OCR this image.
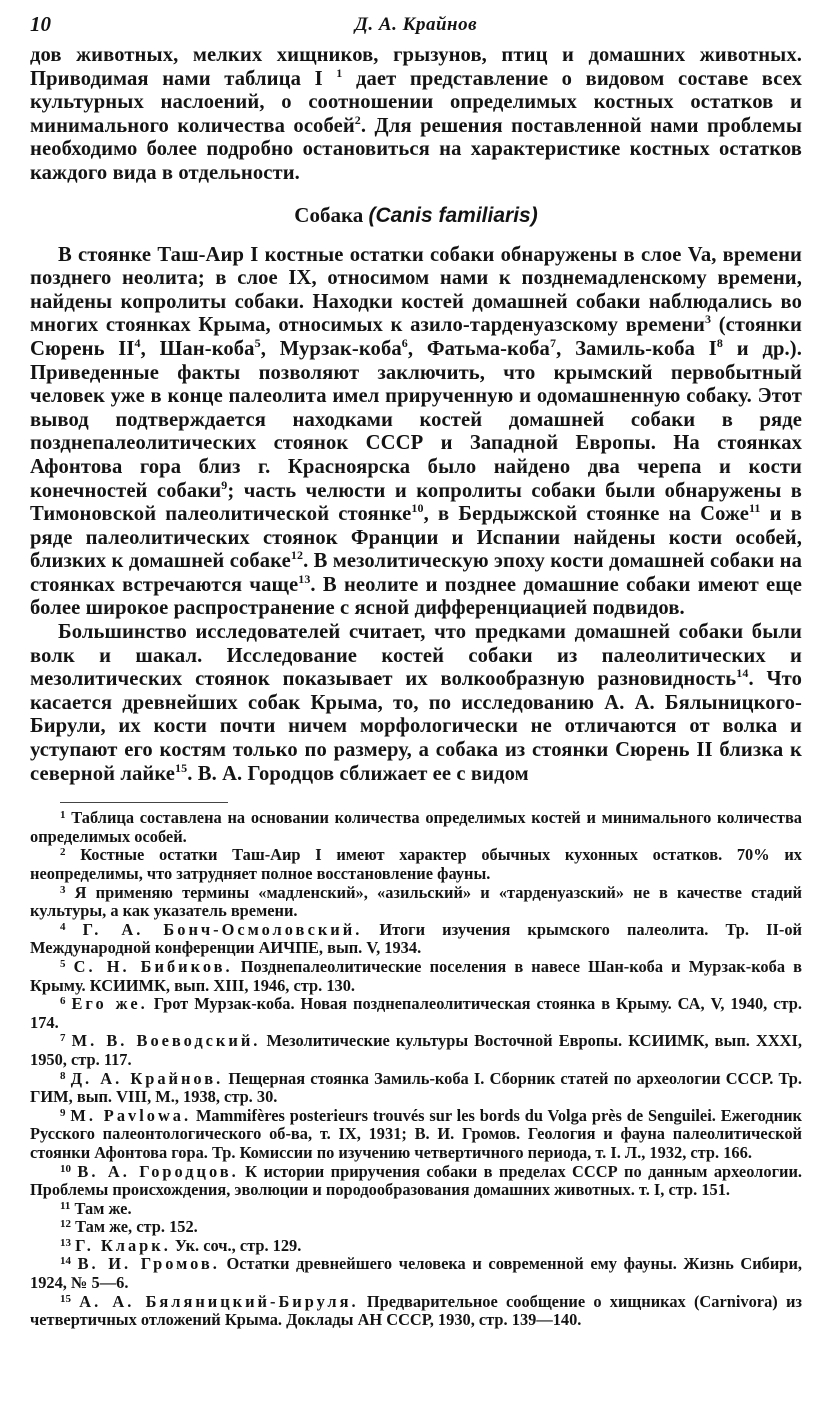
10	Д. А. Крайнов

дов животных, мелких хищников, грызунов, птиц и домашних животных. Приводимая нами таблица I $^1$ дает представление о видовом составе всех культурных наслоений, о соотношении определимых костных остатков и минимального количества особей$^2$. Для решения поставленной нами проблемы необходимо более подробно остановиться на характеристике костных остатков каждого вида в отдельности.

Собака (Canis familiaris)

В стоянке Таш-Аир I костные остатки собаки обнаружены в слое Va, времени позднего неолита; в слое IX, относимом нами к позднемадленскому времени, найдены копролиты собаки. Находки костей домашней собаки наблюдались во многих стоянках Крыма, относимых к азило-тарденуазскому времени$^3$ (стоянки Сюрень $II^4$, Шан-коба$^5$, Мурзак-коба$^6$, Фатьма-коба$^7$, Замиль-коба $I^8$ и др.). Приведенные факты позволяют заключить, что крымский первобытный человек уже в конце палеолита имел прирученную и одомашненную собаку. Этот вывод подтверждается находками костей домашней собаки в ряде позднепалеолитических стоянок СССР и Западной Европы. На стоянках Афонтова гора близ г. Красноярска было найдено два черепа и кости конечностей собаки$^9$; часть челюсти и копролиты собаки были обнаружены в Тимоновской палеолитической стоянке$^{10}$, в Бердыжской стоянке на Соже$^{11}$ и в ряде палеолитических стоянок Франции и Испании найдены кости особей, близких к домашней собаке$^{12}$. В мезолитическую эпоху кости домашней собаки на стоянках встречаются чаще$^{13}$. В неолите и позднее домашние собаки имеют еще более широкое распространение с ясной дифференциацией подвидов.

Большинство исследователей считает, что предками домашней собаки были волк и шакал. Исследование костей собаки из палеолитических и мезолитических стоянок показывает их волкообразную разновидность$^{14}$. Что касается древнейших собак Крыма, то, по исследованию А. А. Бялыницкого-Бирули, их кости почти ничем морфологически не отличаются от волка и уступают его костям только по размеру, а собака из стоянки Сюрень II близка к северной лайке$^{15}$. В. А. Городцов сближает ее с видом

$^1$ Таблица составлена на основании количества определимых костей и минимального количества определимых особей.

$^2$ Костные остатки Таш-Аир I имеют характер обычных кухонных остатков. 70% их неопределимы, что затрудняет полное восстановление фауны.

$^3$ Я применяю термины «мадленский», «азильский» и «тарденуазский» не в качестве стадий культуры, а как указатель времени.

$^4$ Г. А. Бонч-Осмоловский. Итоги изучения крымского палеолита. Тр. II-ой Международной конференции АИЧПЕ, вып. V, 1934.

$^5$ С. Н. Бибиков. Позднепалеолитические поселения в навесе Шан-коба и Мурзак-коба в Крыму. КСИИМК, вып. XIII, 1946, стр. 130.

$^6$ Его же. Грот Мурзак-коба. Новая позднепалеолитическая стоянка в Крыму. СА, V, 1940, стр. 174.

$^7$ М. В. Воеводский. Мезолитические культуры Восточной Европы. КСИИМК, вып. XXXI, 1950, стр. 117.

$^8$ Д. А. Крайнов. Пещерная стоянка Замиль-коба I. Сборник статей по археологии СССР. Тр. ГИМ, вып. VIII, М., 1938, стр. 30.

$^9$ M. Pavlowa. Mammifères posterieurs trouvés sur les bords du Volga près de Senguilei. Ежегодник Русского палеонтологического об-ва, т. IX, 1931; В. И. Громов. Геология и фауна палеолитической стоянки Афонтова гора. Тр. Комиссии по изучению четвертичного периода, т. I. Л., 1932, стр. 166.

$^{10}$ В. А. Городцов. К истории приручения собаки в пределах СССР по данным археологии. Проблемы происхождения, эволюции и породообразования домашних животных. т. I, стр. 151.

$^{11}$ Там же.

$^{12}$ Там же, стр. 152.

$^{13}$ Г. Кларк. Ук. соч., стр. 129.

$^{14}$ В. И. Громов. Остатки древнейшего человека и современной ему фауны. Жизнь Сибири, 1924, № 5—6.

$^{15}$ А. А. Бяляницкий-Бируля. Предварительное сообщение о хищниках (Carnivora) из четвертичных отложений Крыма. Доклады АН СССР, 1930, стр. 139—140.
